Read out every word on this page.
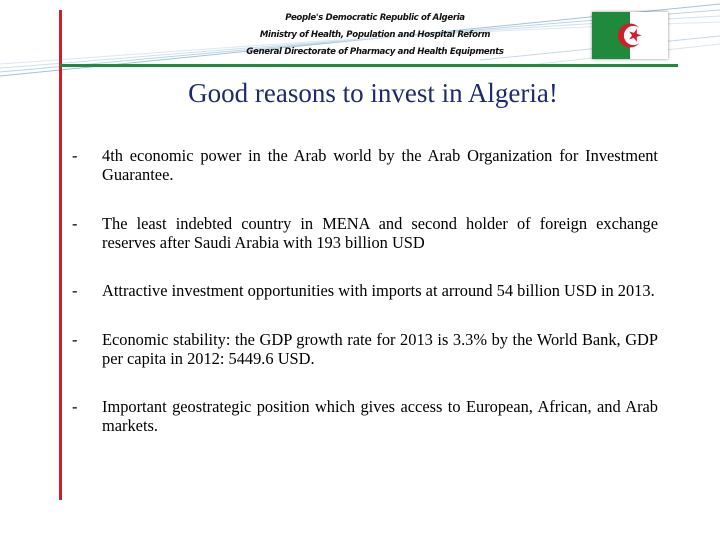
People's Democratic Republic of Algeria
Ministry of Health, Population and Hospital Reform
General Directorate of Pharmacy and Health Equipments
Good reasons to invest in Algeria!
- 4th economic power in the Arab world by the Arab Organization for Investment Guarantee.
- The least indebted country in MENA and second holder of foreign exchange reserves after Saudi Arabia with 193 billion USD
- Attractive investment opportunities with imports at arround 54 billion USD in 2013.
- Economic stability: the GDP growth rate for 2013 is 3.3% by the World Bank, GDP per capita in 2012: 5449.6 USD.
- Important geostrategic position which gives access to European, African, and Arab markets.
